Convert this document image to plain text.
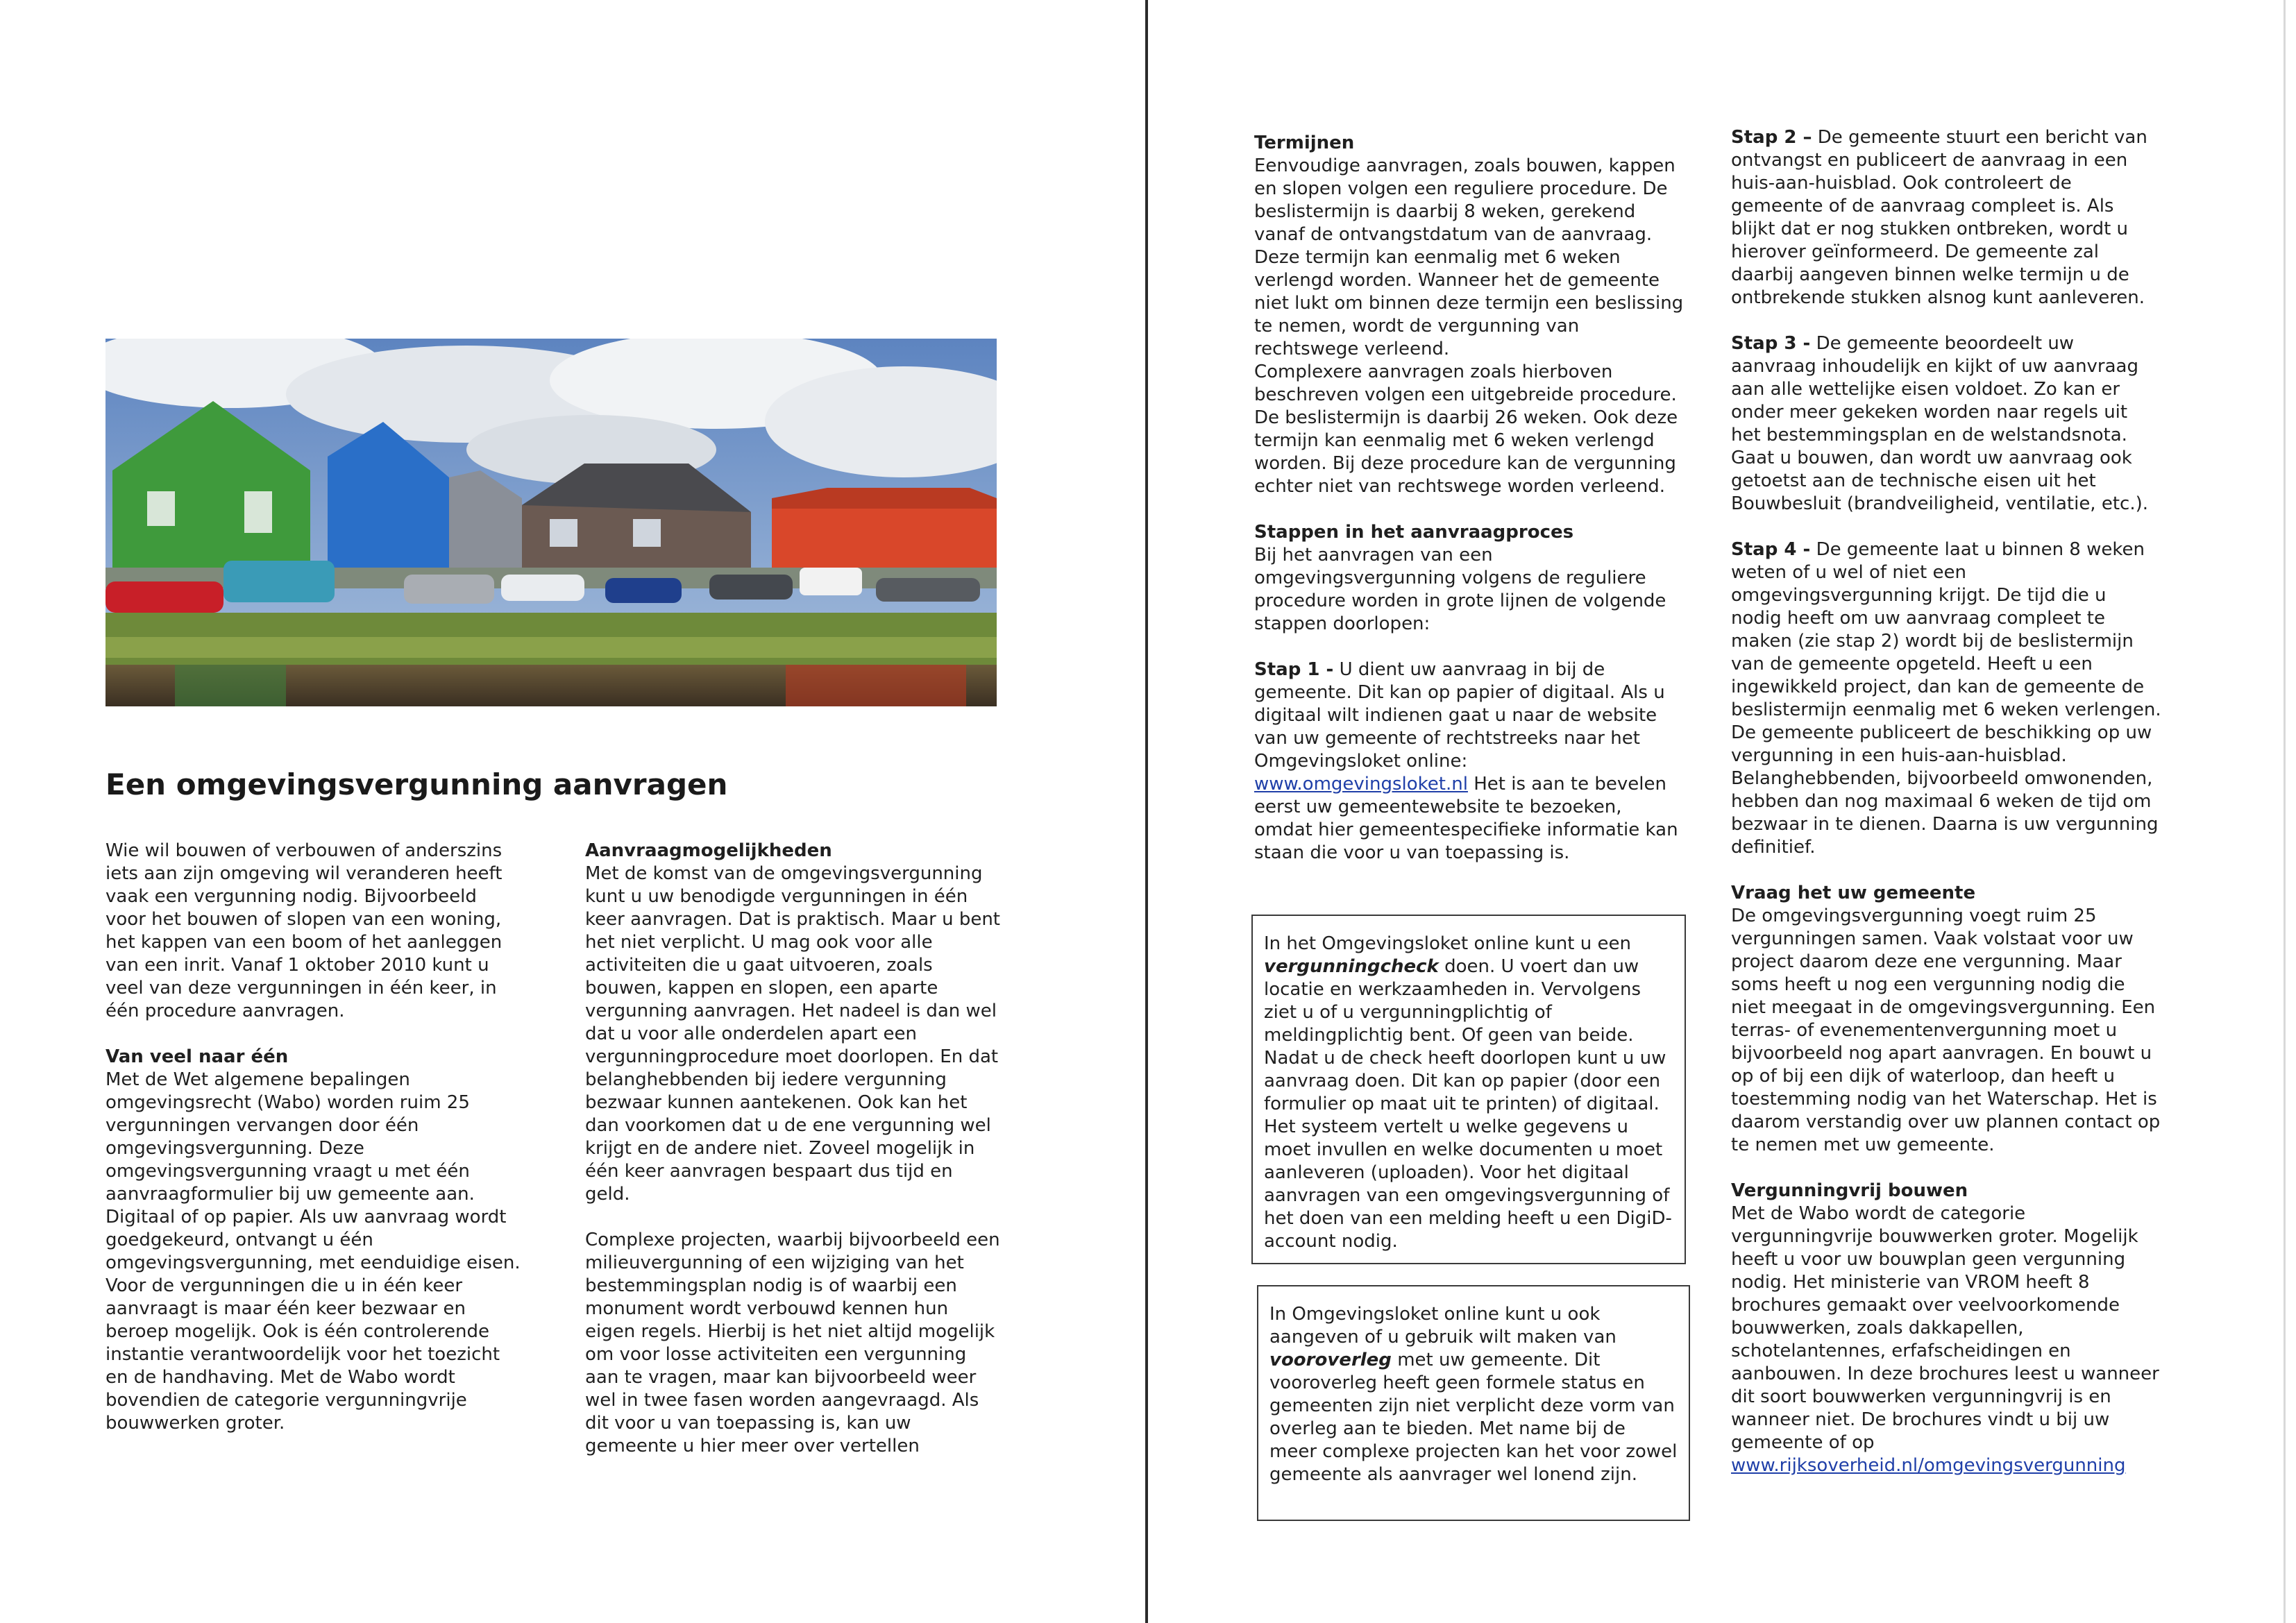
Een omgevingsvergunning aanvragen

Wie wil bouwen of verbouwen of anderszins iets aan zijn omgeving wil veranderen heeft vaak een vergunning nodig. Bijvoorbeeld voor het bouwen of slopen van een woning, het kappen van een boom of het aanleggen van een inrit. Vanaf 1 oktober 2010 kunt u veel van deze vergunningen in één keer, in één procedure aanvragen.

Van veel naar één

Met de Wet algemene bepalingen omgevingsrecht (Wabo) worden ruim 25 vergunningen vervangen door één omgevingsvergunning. Deze omgevingsvergunning vraagt u met één aanvraagformulier bij uw gemeente aan. Digitaal of op papier. Als uw aanvraag wordt goedgekeurd, ontvangt u één omgevingsvergunning, met eenduidige eisen. Voor de vergunningen die u in één keer aanvraagt is maar één keer bezwaar en beroep mogelijk. Ook is één controlerende instantie verantwoordelijk voor het toezicht en de handhaving. Met de Wabo wordt bovendien de categorie vergunningvrije bouwwerken groter.

Aanvraagmogelijkheden

Met de komst van de omgevingsvergunning kunt u uw benodigde vergunningen in één keer aanvragen. Dat is praktisch. Maar u bent het niet verplicht. U mag ook voor alle activiteiten die u gaat uitvoeren, zoals bouwen, kappen en slopen, een aparte vergunning aanvragen. Het nadeel is dan wel dat u voor alle onderdelen apart een vergunningprocedure moet doorlopen. En dat belanghebbenden bij iedere vergunning bezwaar kunnen aantekenen. Ook kan het dan voorkomen dat u de ene vergunning wel krijgt en de andere niet. Zoveel mogelijk in één keer aanvragen bespaart dus tijd en geld.

Complexe projecten, waarbij bijvoorbeeld een milieuvergunning of een wijziging van het bestemmingsplan nodig is of waarbij een monument wordt verbouwd kennen hun eigen regels. Hierbij is het niet altijd mogelijk om voor losse activiteiten een vergunning aan te vragen, maar kan bijvoorbeeld weer wel in twee fasen worden aangevraagd. Als dit voor u van toepassing is, kan uw gemeente u hier meer over vertellen

Termijnen

Eenvoudige aanvragen, zoals bouwen, kappen en slopen volgen een reguliere procedure. De beslistermijn is daarbij 8 weken, gerekend vanaf de ontvangstdatum van de aanvraag. Deze termijn kan eenmalig met 6 weken verlengd worden. Wanneer het de gemeente niet lukt om binnen deze termijn een beslissing te nemen, wordt de vergunning van rechtswege verleend.

Complexere aanvragen zoals hierboven beschreven volgen een uitgebreide procedure. De beslistermijn is daarbij 26 weken. Ook deze termijn kan eenmalig met 6 weken verlengd worden. Bij deze procedure kan de vergunning echter niet van rechtswege worden verleend.

Stappen in het aanvraagproces

Bij het aanvragen van een omgevingsvergunning volgens de reguliere procedure worden in grote lijnen de volgende stappen doorlopen:

Stap 1 - U dient uw aanvraag in bij de gemeente. Dit kan op papier of digitaal. Als u digitaal wilt indienen gaat u naar de website van uw gemeente of rechtstreeks naar het Omgevingsloket online: www.omgevingsloket.nl Het is aan te bevelen eerst uw gemeentewebsite te bezoeken, omdat hier gemeentespecifieke informatie kan staan die voor u van toepassing is.

In het Omgevingsloket online kunt u een vergunningcheck doen. U voert dan uw locatie en werkzaamheden in. Vervolgens ziet u of u vergunningplichtig of meldingplichtig bent. Of geen van beide. Nadat u de check heeft doorlopen kunt u uw aanvraag doen. Dit kan op papier (door een formulier op maat uit te printen) of digitaal. Het systeem vertelt u welke gegevens u moet invullen en welke documenten u moet aanleveren (uploaden). Voor het digitaal aanvragen van een omgevingsvergunning of het doen van een melding heeft u een DigiD-account nodig.
In Omgevingsloket online kunt u ook aangeven of u gebruik wilt maken van vooroverleg met uw gemeente. Dit vooroverleg heeft geen formele status en gemeenten zijn niet verplicht deze vorm van overleg aan te bieden. Met name bij de meer complexe projecten kan het voor zowel gemeente als aanvrager wel lonend zijn.

Stap 2 – De gemeente stuurt een bericht van ontvangst en publiceert de aanvraag in een huis-aan-huisblad. Ook controleert de gemeente of de aanvraag compleet is. Als blijkt dat er nog stukken ontbreken, wordt u hierover geïnformeerd. De gemeente zal daarbij aangeven binnen welke termijn u de ontbrekende stukken alsnog kunt aanleveren.

Stap 3 - De gemeente beoordeelt uw aanvraag inhoudelijk en kijkt of uw aanvraag aan alle wettelijke eisen voldoet. Zo kan er onder meer gekeken worden naar regels uit het bestemmingsplan en de welstandsnota. Gaat u bouwen, dan wordt uw aanvraag ook getoetst aan de technische eisen uit het Bouwbesluit (brandveiligheid, ventilatie, etc.).

Stap 4 - De gemeente laat u binnen 8 weken weten of u wel of niet een omgevingsvergunning krijgt. De tijd die u nodig heeft om uw aanvraag compleet te maken (zie stap 2) wordt bij de beslistermijn van de gemeente opgeteld. Heeft u een ingewikkeld project, dan kan de gemeente de beslistermijn eenmalig met 6 weken verlengen. De gemeente publiceert de beschikking op uw vergunning in een huis-aan-huisblad. Belanghebbenden, bijvoorbeeld omwonenden, hebben dan nog maximaal 6 weken de tijd om bezwaar in te dienen. Daarna is uw vergunning definitief.

Vraag het uw gemeente

De omgevingsvergunning voegt ruim 25 vergunningen samen. Vaak volstaat voor uw project daarom deze ene vergunning. Maar soms heeft u nog een vergunning nodig die niet meegaat in de omgevingsvergunning. Een terras- of evenementenvergunning moet u bijvoorbeeld nog apart aanvragen. En bouwt u op of bij een dijk of waterloop, dan heeft u toestemming nodig van het Waterschap. Het is daarom verstandig over uw plannen contact op te nemen met uw gemeente.

Vergunningvrij bouwen

Met de Wabo wordt de categorie vergunningvrije bouwwerken groter. Mogelijk heeft u voor uw bouwplan geen vergunning nodig. Het ministerie van VROM heeft 8 brochures gemaakt over veelvoorkomende bouwwerken, zoals dakkapellen, schotelantennes, erfafscheidingen en aanbouwen. In deze brochures leest u wanneer dit soort bouwwerken vergunningvrij is en wanneer niet. De brochures vindt u bij uw gemeente of op www.rijksoverheid.nl/omgevingsvergunning
